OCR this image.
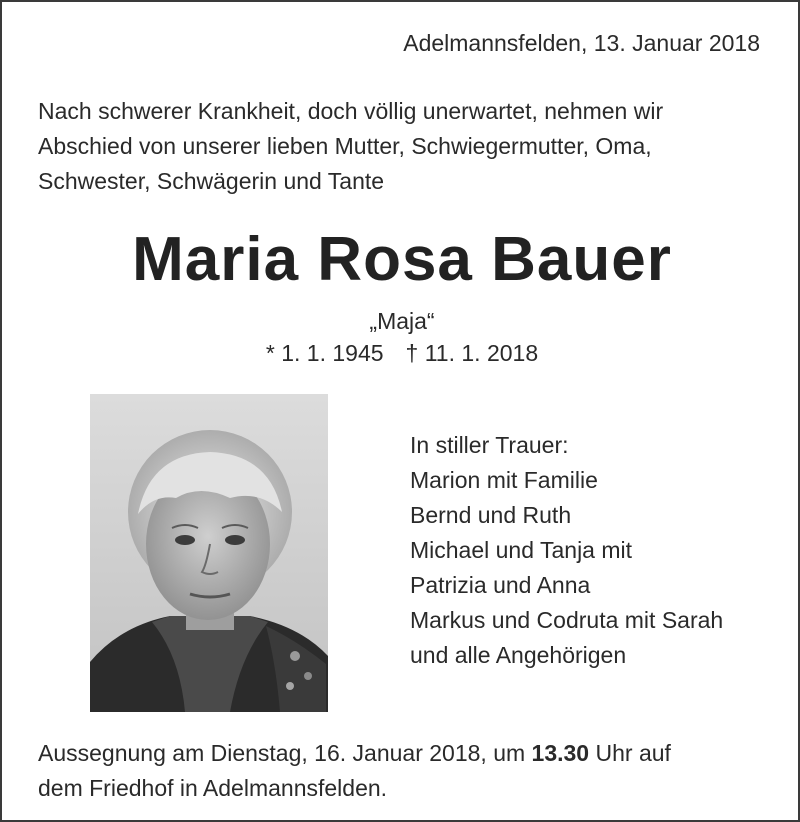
Adelmannsfelden, 13. Januar 2018
Nach schwerer Krankheit, doch völlig unerwartet, nehmen wir
Abschied von unserer lieben Mutter, Schwiegermutter, Oma,
Schwester, Schwägerin und Tante
Maria Rosa Bauer
„Maja“
* 1. 1. 1945 † 11. 1. 2018
In stiller Trauer:
Marion mit Familie
Bernd und Ruth
Michael und Tanja mit
Patrizia und Anna
Markus und Codruta mit Sarah
und alle Angehörigen
Aussegnung am Dienstag, 16. Januar 2018, um 13.30 Uhr auf
dem Friedhof in Adelmannsfelden.
